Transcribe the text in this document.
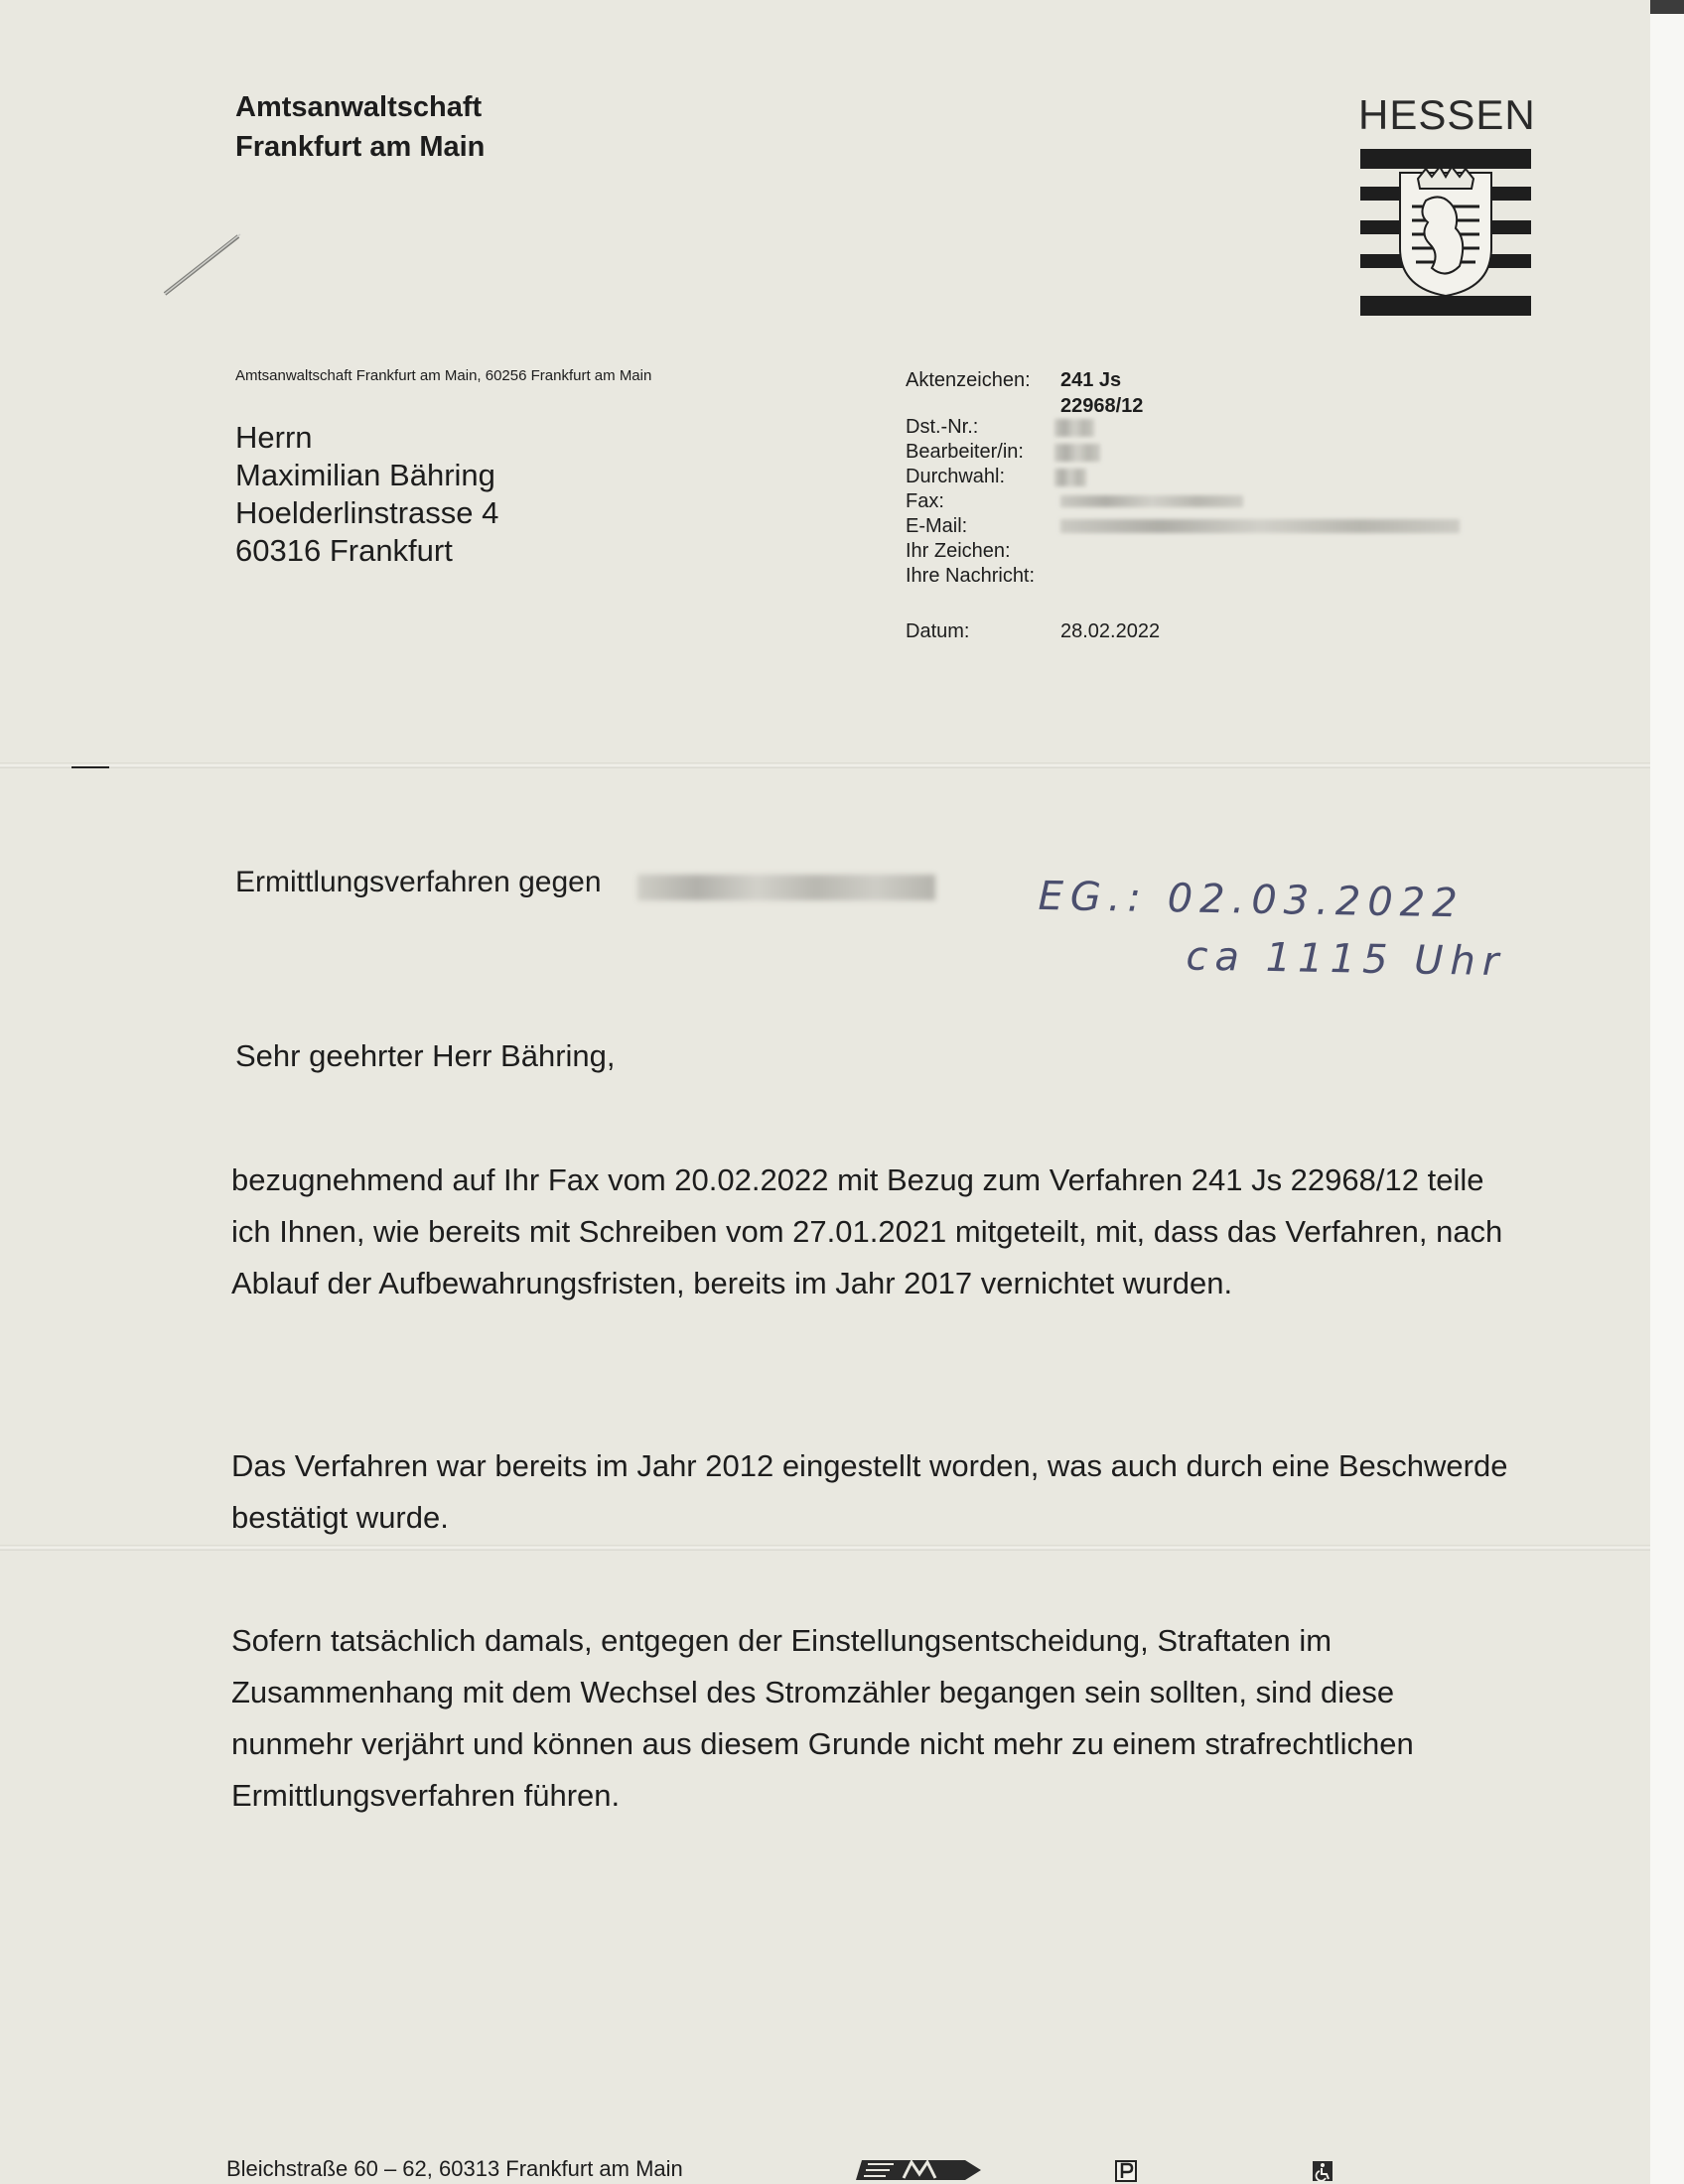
Amtsanwaltschaft
Frankfurt am Main
HESSEN
Amtsanwaltschaft Frankfurt am Main, 60256 Frankfurt am Main
Herrn
Maximilian Bähring
Hoelderlinstrasse 4
60316 Frankfurt
Aktenzeichen: 241 Js 22968/12
Dst.-Nr.:
Bearbeiter/in:
Durchwahl:
Fax:
E-Mail:
Ihr Zeichen:
Ihre Nachricht:
Datum:	28.02.2022
Ermittlungsverfahren gegen	EG.: 02.03.2022
ca 1115 Uhr
Sehr geehrter Herr Bähring,
bezugnehmend auf Ihr Fax vom 20.02.2022 mit Bezug zum Verfahren 241 Js 22968/12 teile ich Ihnen, wie bereits mit Schreiben vom 27.01.2021 mitgeteilt, mit, dass das Verfahren, nach Ablauf der Aufbewahrungsfristen, bereits im Jahr 2017 vernichtet wurden.
Das Verfahren war bereits im Jahr 2012 eingestellt worden, was auch durch eine Beschwerde bestätigt wurde.
Sofern tatsächlich damals, entgegen der Einstellungsentscheidung, Straftaten im Zusammenhang mit dem Wechsel des Stromzähler begangen sein sollten, sind diese nunmehr verjährt und können aus diesem Grunde nicht mehr zu einem strafrechtlichen Ermittlungsverfahren führen.
Bleichstraße 60 – 62, 60313 Frankfurt am Main
